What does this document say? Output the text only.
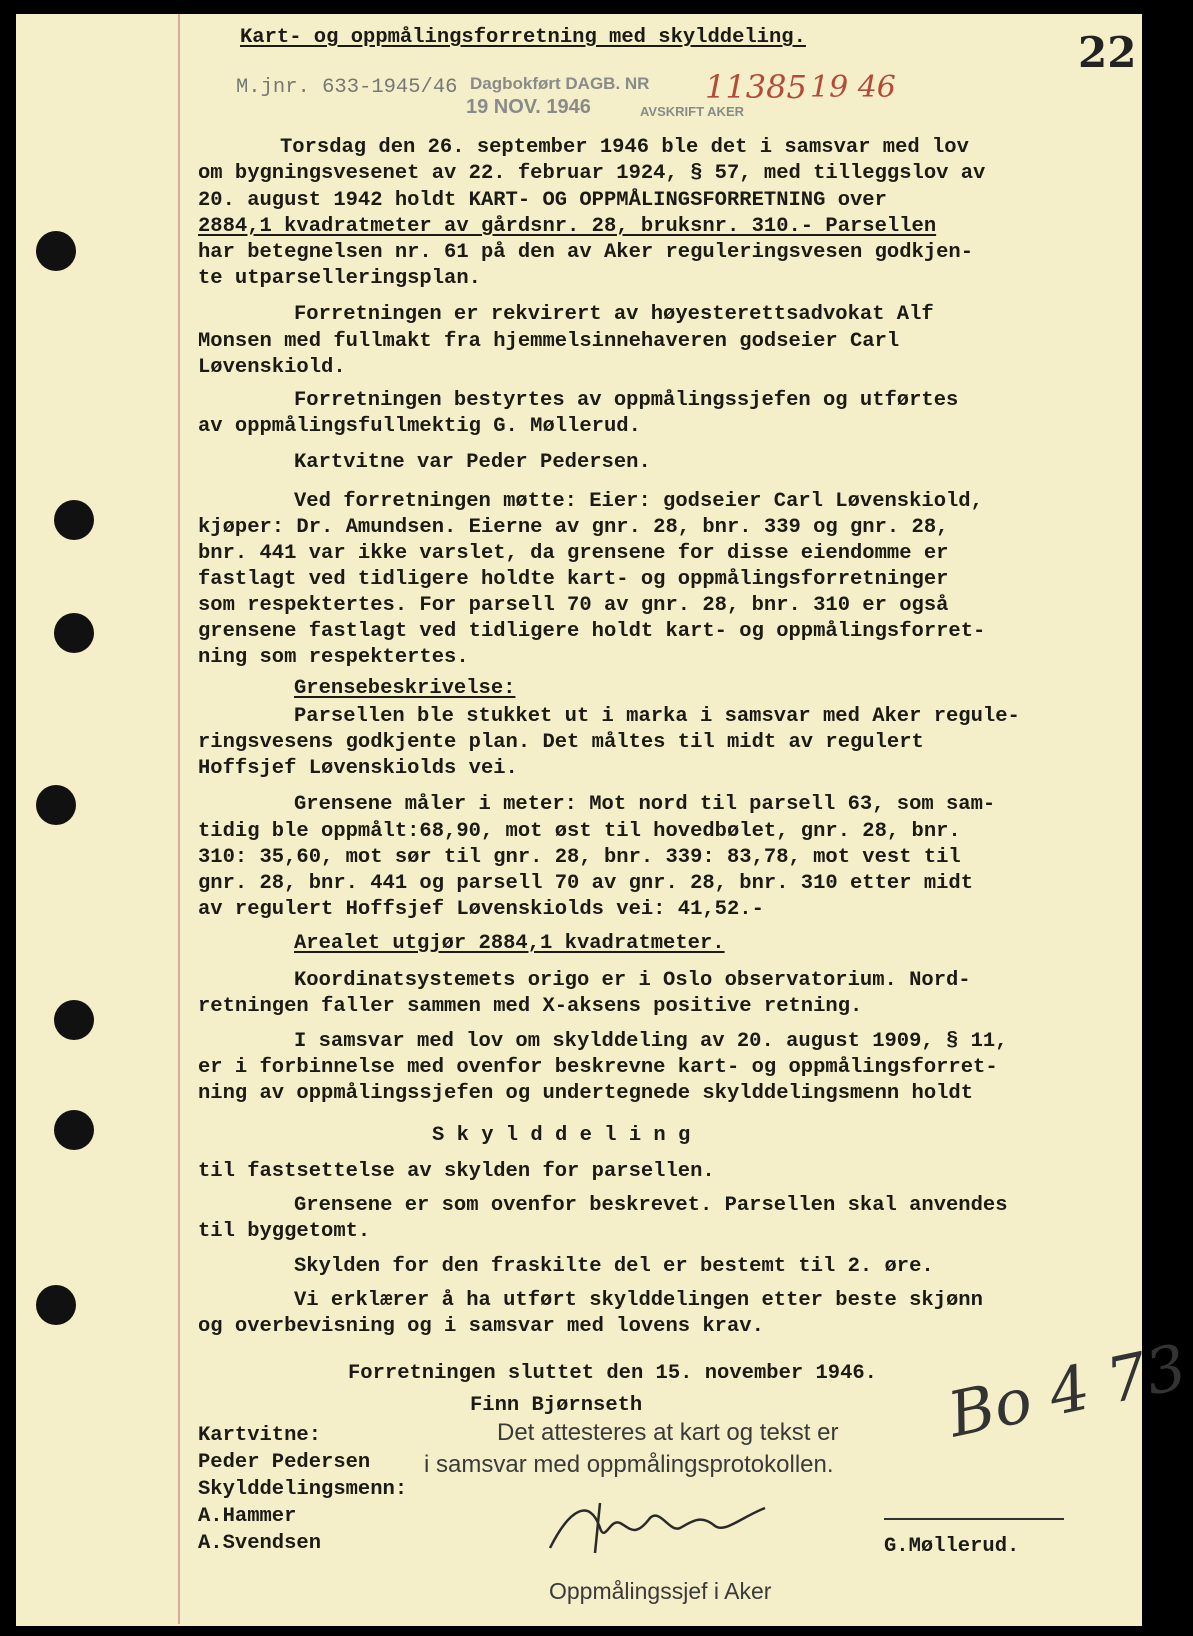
Kart- og oppmålingsforretning med skylddeling.	22
M.jnr. 633-1945/46 Dagbokført DAGB. NR 11385 19 46
19 NOV. 1946	AVSKRIFT AKER
Torsdag den 26. september 1946 ble det i samsvar med lov
om bygningsvesenet av 22. februar 1924, § 57, med tilleggslov av
20. august 1942 holdt KART- OG OPPMÅLINGSFORRETNING over
2884,1 kvadratmeter av gårdsnr. 28, bruksnr. 310.- Parsellen
har betegnelsen nr. 61 på den av Aker reguleringsvesen godkjen-
te utparselleringsplan.
Forretningen er rekvirert av høyesterettsadvokat Alf
Monsen med fullmakt fra hjemmelsinnehaveren godseier Carl
Løvenskiold.
Forretningen bestyrtes av oppmålingssjefen og utførtes
av oppmålingsfullmektig G. Møllerud.
Kartvitne var Peder Pedersen.
Ved forretningen møtte: Eier: godseier Carl Løvenskiold,
kjøper: Dr. Amundsen. Eierne av gnr. 28, bnr. 339 og gnr. 28,
bnr. 441 var ikke varslet, da grensene for disse eiendomme er
fastlagt ved tidligere holdte kart- og oppmålingsforretninger
som respektertes. For parsell 70 av gnr. 28, bnr. 310 er også
grensene fastlagt ved tidligere holdt kart- og oppmålingsforret-
ning som respektertes.
Grensebeskrivelse:
Parsellen ble stukket ut i marka i samsvar med Aker regule-
ringsvesens godkjente plan. Det måltes til midt av regulert
Hoffsjef Løvenskiolds vei.
Grensene måler i meter: Mot nord til parsell 63, som sam-
tidig ble oppmålt:68,90, mot øst til hovedbølet, gnr. 28, bnr.
310: 35,60, mot sør til gnr. 28, bnr. 339: 83,78, mot vest til
gnr. 28, bnr. 441 og parsell 70 av gnr. 28, bnr. 310 etter midt
av regulert Hoffsjef Løvenskiolds vei: 41,52.-
Arealet utgjør 2884,1 kvadratmeter.
Koordinatsystemets origo er i Oslo observatorium. Nord-
retningen faller sammen med X-aksens positive retning.
I samsvar med lov om skylddeling av 20. august 1909, § 11,
er i forbinnelse med ovenfor beskrevne kart- og oppmålingsforret-
ning av oppmålingssjefen og undertegnede skylddelingsmenn holdt
S k y l d d e l i n g
til fastsettelse av skylden for parsellen.
Grensene er som ovenfor beskrevet. Parsellen skal anvendes
til byggetomt.
Skylden for den fraskilte del er bestemt til 2. øre.
Vi erklærer å ha utført skylddelingen etter beste skjønn
og overbevisning og i samsvar med lovens krav.
Forretningen sluttet den 15. november 1946.
Finn Bjørnseth
Det attesteres at kart og tekst er
i samsvar med oppmålingsprotokollen.
Kartvitne:
Peder Pedersen
Skylddelingsmenn:
A.Hammer
A.Svendsen
Oppmålingssjef i Aker
G.Møllerud.
Bo 4 73
